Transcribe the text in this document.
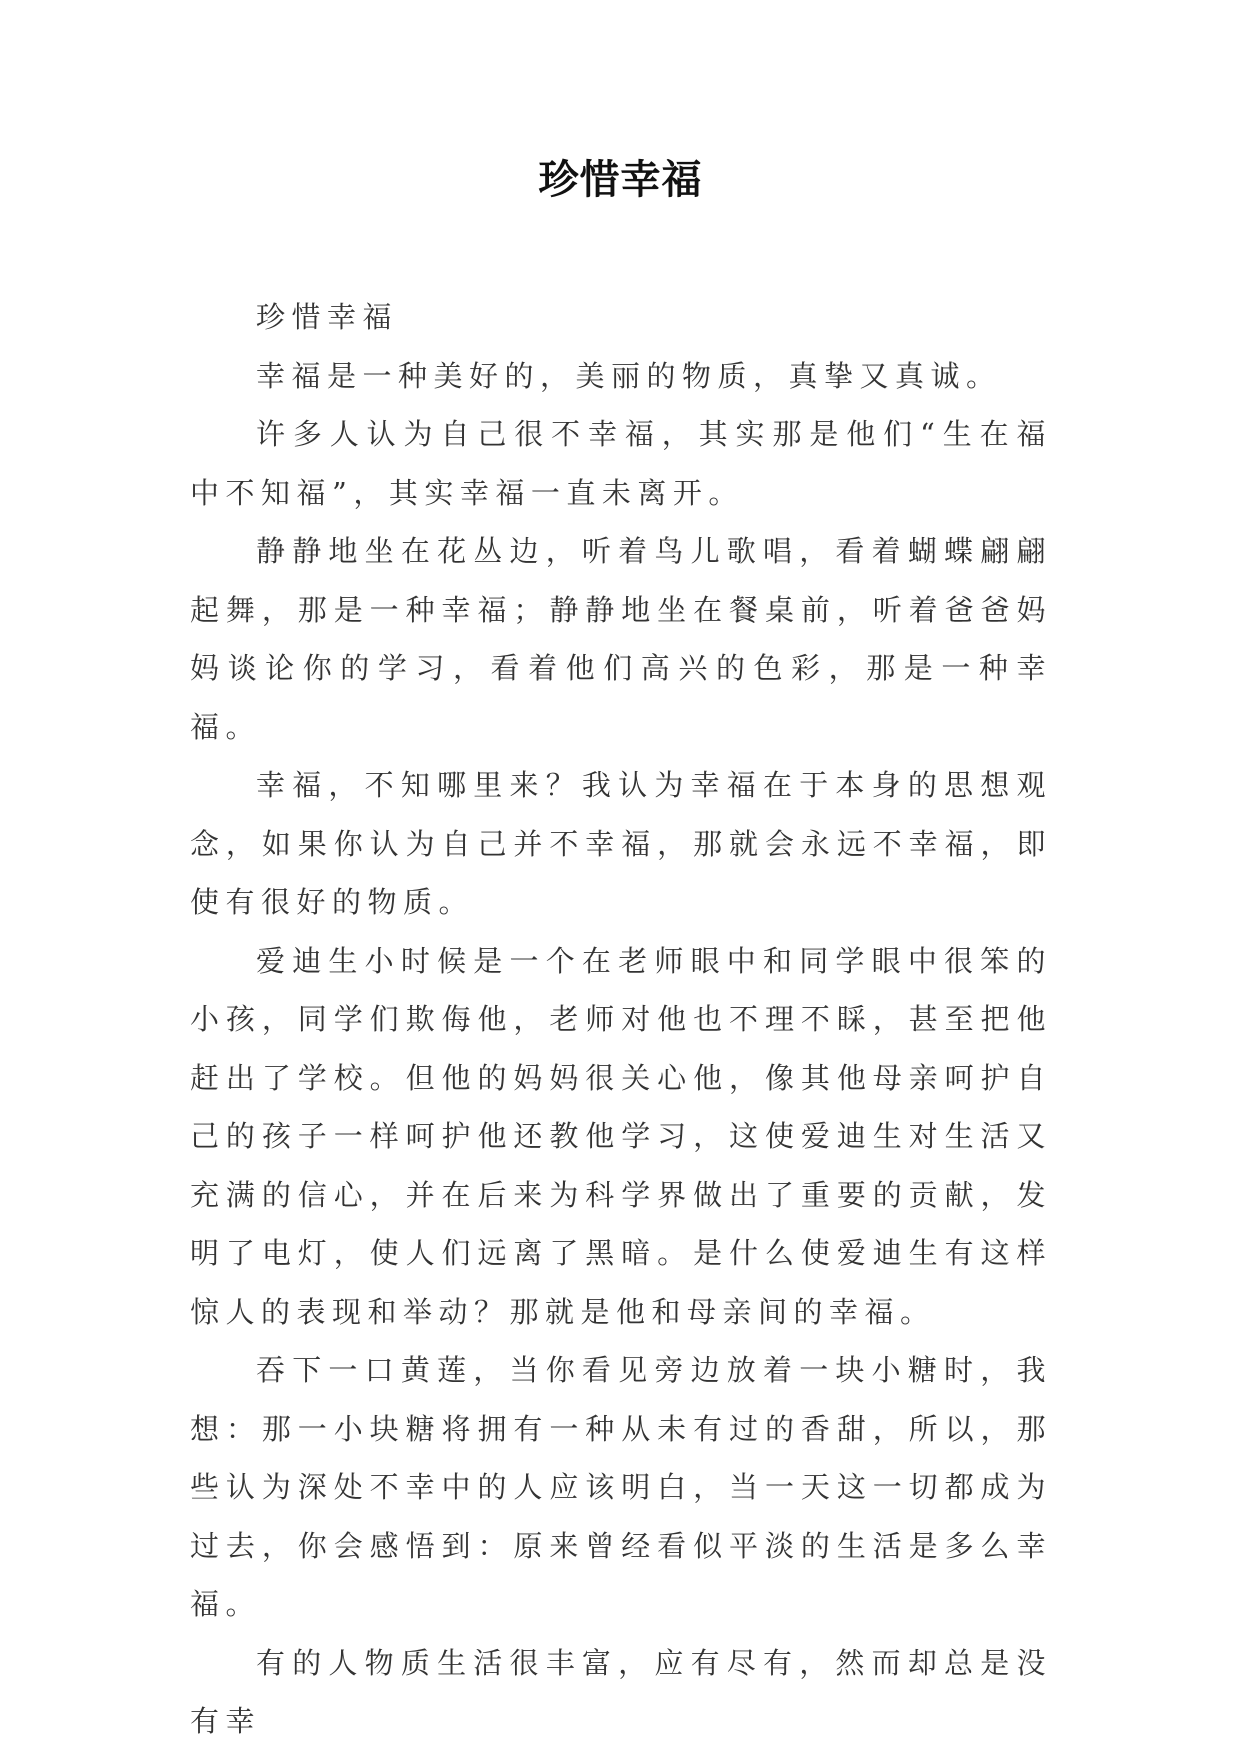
珍惜幸福

珍惜幸福

幸福是一种美好的，美丽的物质，真挚又真诚。

许多人认为自己很不幸福，其实那是他们“生在福中不知福”，其实幸福一直未离开。

静静地坐在花丛边，听着鸟儿歌唱，看着蝴蝶翩翩起舞，那是一种幸福；静静地坐在餐桌前，听着爸爸妈妈谈论你的学习，看着他们高兴的色彩，那是一种幸福。

幸福，不知哪里来？我认为幸福在于本身的思想观念，如果你认为自己并不幸福，那就会永远不幸福，即使有很好的物质。

爱迪生小时候是一个在老师眼中和同学眼中很笨的小孩，同学们欺侮他，老师对他也不理不睬，甚至把他赶出了学校。但他的妈妈很关心他，像其他母亲呵护自己的孩子一样呵护他还教他学习，这使爱迪生对生活又充满的信心，并在后来为科学界做出了重要的贡献，发明了电灯，使人们远离了黑暗。是什么使爱迪生有这样惊人的表现和举动？那就是他和母亲间的幸福。

吞下一口黄莲，当你看见旁边放着一块小糖时，我想：那一小块糖将拥有一种从未有过的香甜，所以，那些认为深处不幸中的人应该明白，当一天这一切都成为过去，你会感悟到：原来曾经看似平淡的生活是多么幸福。

有的人物质生活很丰富，应有尽有，然而却总是没有幸
